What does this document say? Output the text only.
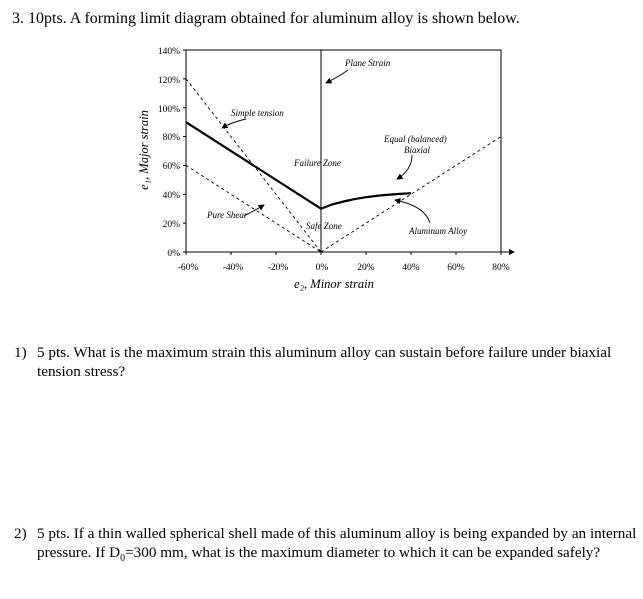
3. 10pts. A forming limit diagram obtained for aluminum alloy is shown below.
140%
120%
100%
80%
60%
40%
20%
0%
-60%	-40%	-20%	0%	20%	40%	60%	80%
e₂, Minor strain
e₁, Major strain
Plane Strain
Simple tension
Equal (balanced)
Biaxial
Failure Zone
Pure Shear
Safe Zone	Aluminum Alloy
1) 5 pts. What is the maximum strain this aluminum alloy can sustain before failure under biaxial tension stress?
2) 5 pts. If a thin walled spherical shell made of this aluminum alloy is being expanded by an internal pressure. If $D_0=300$ mm, what is the maximum diameter to which it can be expanded safely?
